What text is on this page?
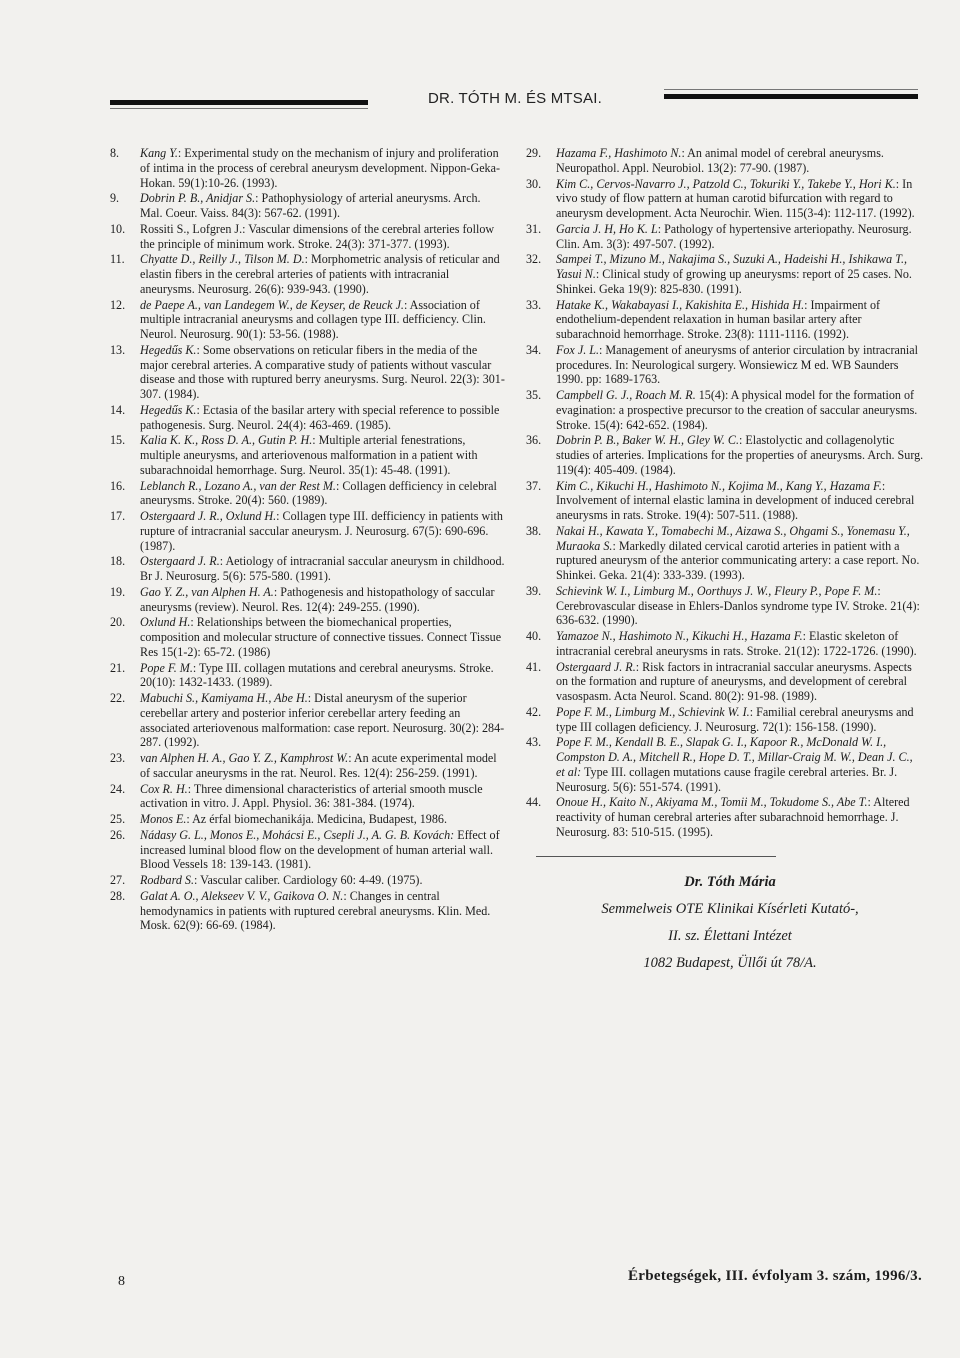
DR. TÓTH M. ÉS MTSAI.
8.	Kang Y.: Experimental study on the mechanism of injury and proliferation of intima in the process of cerebral aneurysm development. Nippon-Geka-Hokan. 59(1):10-26. (1993).
9.	Dobrin P. B., Anidjar S.: Pathophysiology of arterial aneurysms. Arch. Mal. Coeur. Vaiss. 84(3): 567-62. (1991).
10.	Rossiti S., Lofgren J.: Vascular dimensions of the cerebral arteries follow the principle of minimum work. Stroke. 24(3): 371-377. (1993).
11.	Chyatte D., Reilly J., Tilson M. D.: Morphometric analysis of reticular and elastin fibers in the cerebral arteries of patients with intracranial aneurysms. Neurosurg. 26(6): 939-943. (1990).
12.	de Paepe A., van Landegem W., de Keyser, de Reuck J.: Association of multiple intracranial aneurysms and collagen type III. defficiency. Clin. Neurol. Neurosurg. 90(1): 53-56. (1988).
13.	Hegedűs K.: Some observations on reticular fibers in the media of the major cerebral arteries. A comparative study of patients without vascular disease and those with ruptured berry aneurysms. Surg. Neurol. 22(3): 301-307. (1984).
14.	Hegedűs K.: Ectasia of the basilar artery with special reference to possible pathogenesis. Surg. Neurol. 24(4): 463-469. (1985).
15.	Kalia K. K., Ross D. A., Gutin P. H.: Multiple arterial fenestrations, multiple aneurysms, and arteriovenous malformation in a patient with subarachnoidal hemorrhage. Surg. Neurol. 35(1): 45-48. (1991).
16.	Leblanch R., Lozano A., van der Rest M.: Collagen defficiency in celebral aneurysms. Stroke. 20(4): 560. (1989).
17.	Ostergaard J. R., Oxlund H.: Collagen type III. defficiency in patients with rupture of intracranial saccular aneurysm. J. Neurosurg. 67(5): 690-696. (1987).
18.	Ostergaard J. R.: Aetiology of intracranial saccular aneurysm in childhood. Br J. Neurosurg. 5(6): 575-580. (1991).
19.	Gao Y. Z., van Alphen H. A.: Pathogenesis and histopathology of saccular aneurysms (review). Neurol. Res. 12(4): 249-255. (1990).
20.	Oxlund H.: Relationships between the biomechanical properties, composition and molecular structure of connective tissues. Connect Tissue Res 15(1-2): 65-72. (1986)
21.	Pope F. M.: Type III. collagen mutations and cerebral aneurysms. Stroke. 20(10): 1432-1433. (1989).
22.	Mabuchi S., Kamiyama H., Abe H.: Distal aneurysm of the superior cerebellar artery and posterior inferior cerebellar artery feeding an associated arteriovenous malformation: case report. Neurosurg. 30(2): 284-287. (1992).
23.	van Alphen H. A., Gao Y. Z., Kamphrost W.: An acute experimental model of saccular aneurysms in the rat. Neurol. Res. 12(4): 256-259. (1991).
24.	Cox R. H.: Three dimensional characteristics of arterial smooth muscle activation in vitro. J. Appl. Physiol. 36: 381-384. (1974).
25.	Monos E.: Az érfal biomechanikája. Medicina, Budapest, 1986.
26.	Nádasy G. L., Monos E., Mohácsi E., Csepli J., A. G. B. Kovách: Effect of increased luminal blood flow on the development of human arterial wall. Blood Vessels 18: 139-143. (1981).
27.	Rodbard S.: Vascular caliber. Cardiology 60: 4-49. (1975).
28.	Galat A. O., Alekseev V. V., Gaikova O. N.: Changes in central hemodynamics in patients with ruptured cerebral aneurysms. Klin. Med. Mosk. 62(9): 66-69. (1984).
29.	Hazama F., Hashimoto N.: An animal model of cerebral aneurysms. Neuropathol. Appl. Neurobiol. 13(2): 77-90. (1987).
30.	Kim C., Cervos-Navarro J., Patzold C., Tokuriki Y., Takebe Y., Hori K.: In vivo study of flow pattern at human carotid bifurcation with regard to aneurysm development. Acta Neurochir. Wien. 115(3-4): 112-117. (1992).
31.	Garcia J. H, Ho K. L: Pathology of hypertensive arteriopathy. Neurosurg. Clin. Am. 3(3): 497-507. (1992).
32.	Sampei T., Mizuno M., Nakajima S., Suzuki A., Hadeishi H., Ishikawa T., Yasui N.: Clinical study of growing up aneurysms: report of 25 cases. No. Shinkei. Geka 19(9): 825-830. (1991).
33.	Hatake K., Wakabayasi I., Kakishita E., Hishida H.: Impairment of endothelium-dependent relaxation in human basilar artery after subarachnoid hemorrhage. Stroke. 23(8): 1111-1116. (1992).
34.	Fox J. L.: Management of aneurysms of anterior circulation by intracranial procedures. In: Neurological surgery. Wonsiewicz M ed. WB Saunders 1990. pp: 1689-1763.
35.	Campbell G. J., Roach M. R. 15(4): A physical model for the formation of evagination: a prospective precursor to the creation of saccular aneurysms. Stroke. 15(4): 642-652. (1984).
36.	Dobrin P. B., Baker W. H., Gley W. C.: Elastolyctic and collagenolytic studies of arteries. Implications for the properties of aneurysms. Arch. Surg. 119(4): 405-409. (1984).
37.	Kim C., Kikuchi H., Hashimoto N., Kojima M., Kang Y., Hazama F.: Involvement of internal elastic lamina in development of induced cerebral aneurysms in rats. Stroke. 19(4): 507-511. (1988).
38.	Nakai H., Kawata Y., Tomabechi M., Aizawa S., Ohgami S., Yonemasu Y., Muraoka S.: Markedly dilated cervical carotid arteries in patient with a ruptured aneurysm of the anterior communicating artery: a case report. No. Shinkei. Geka. 21(4): 333-339. (1993).
39.	Schievink W. I., Limburg M., Oorthuys J. W., Fleury P., Pope F. M.: Cerebrovascular disease in Ehlers-Danlos syndrome type IV. Stroke. 21(4): 636-632. (1990).
40.	Yamazoe N., Hashimoto N., Kikuchi H., Hazama F.: Elastic skeleton of intracranial cerebral aneurysms in rats. Stroke. 21(12): 1722-1726. (1990).
41.	Ostergaard J. R.: Risk factors in intracranial saccular aneurysms. Aspects on the formation and rupture of aneurysms, and development of cerebral vasospasm. Acta Neurol. Scand. 80(2): 91-98. (1989).
42.	Pope F. M., Limburg M., Schievink W. I.: Familial cerebral aneurysms and type III collagen deficiency. J. Neurosurg. 72(1): 156-158. (1990).
43.	Pope F. M., Kendall B. E., Slapak G. I., Kapoor R., McDonald W. I., Compston D. A., Mitchell R., Hope D. T., Millar-Craig M. W., Dean J. C., et al: Type III. collagen mutations cause fragile cerebral arteries. Br. J. Neurosurg. 5(6): 551-574. (1991).
44.	Onoue H., Kaito N., Akiyama M., Tomii M., Tokudome S., Abe T.: Altered reactivity of human cerebral arteries after subarachnoid hemorrhage. J. Neurosurg. 83: 510-515. (1995).
Dr. Tóth Mária
Semmelweis OTE Klinikai Kísérleti Kutató-,
II. sz. Élettani Intézet
1082 Budapest, Üllői út 78/A.
8	Érbetegségek, III. évfolyam 3. szám, 1996/3.
